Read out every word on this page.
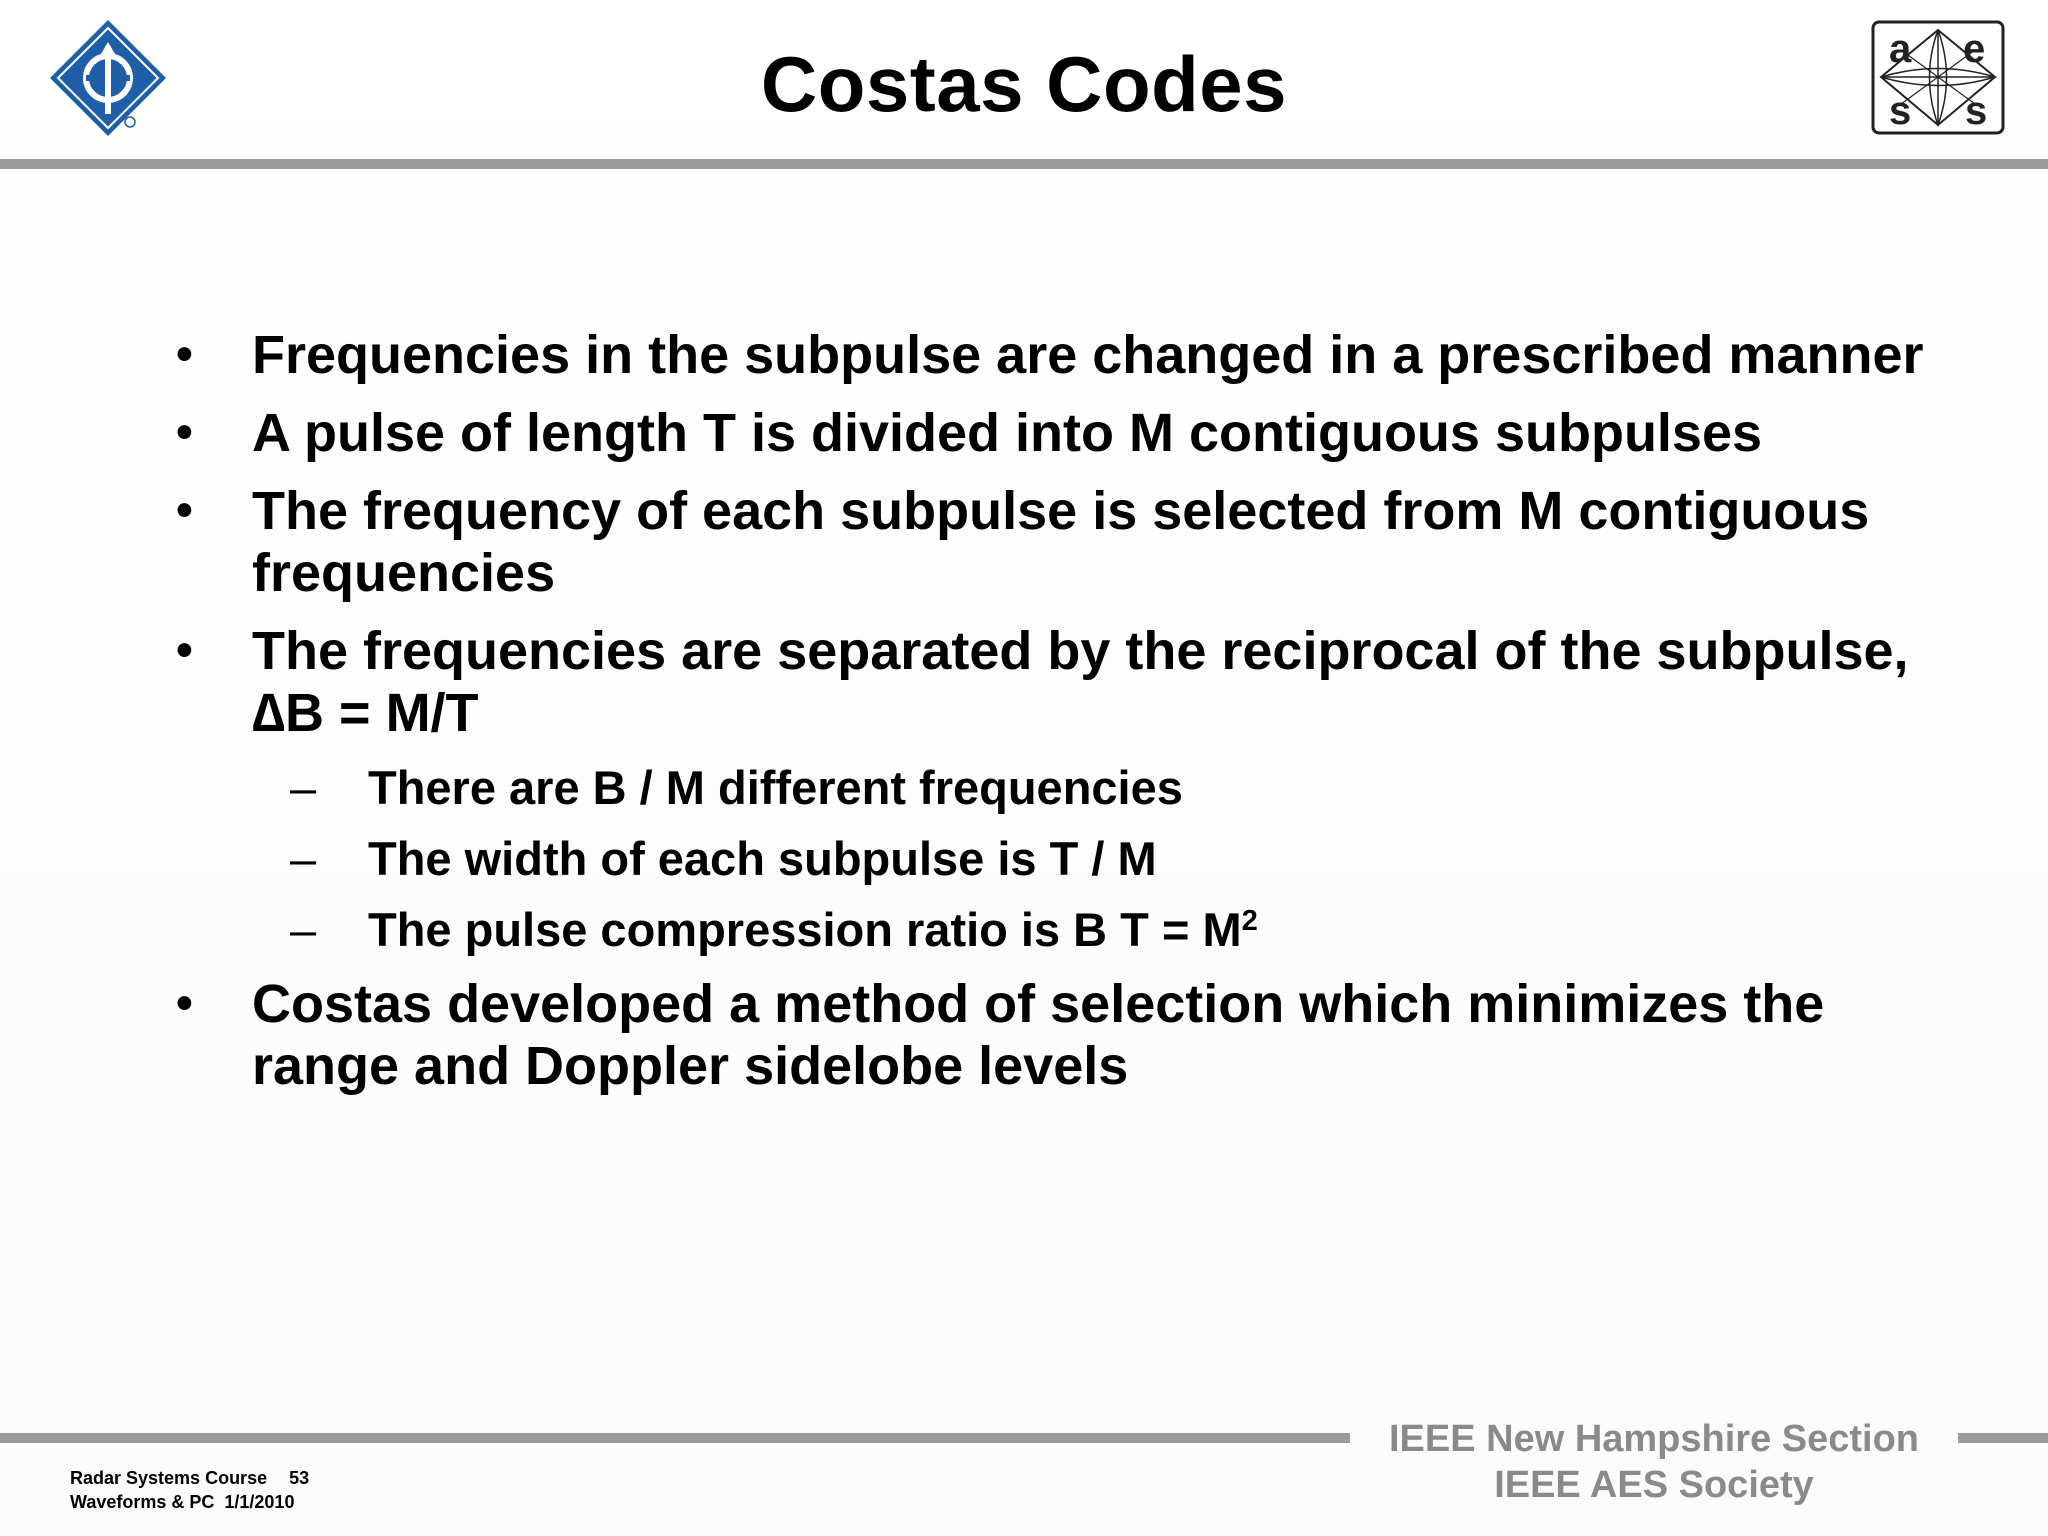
a e
s s
Costas Codes
• Frequencies in the subpulse are changed in a prescribed manner
• A pulse of length T is divided into M contiguous subpulses
• The frequency of each subpulse is selected from M contiguous frequencies
• The frequencies are separated by the reciprocal of the subpulse, ∆B = M/T
– There are B / M different frequencies
– The width of each subpulse is T / M
– The pulse compression ratio is B $T = M^2$
• Costas developed a method of selection which minimizes the range and Doppler sidelobe levels
IEEE New Hampshire Section
IEEE AES Society
Radar Systems Course 53
Waveforms & PC 1/1/2010
